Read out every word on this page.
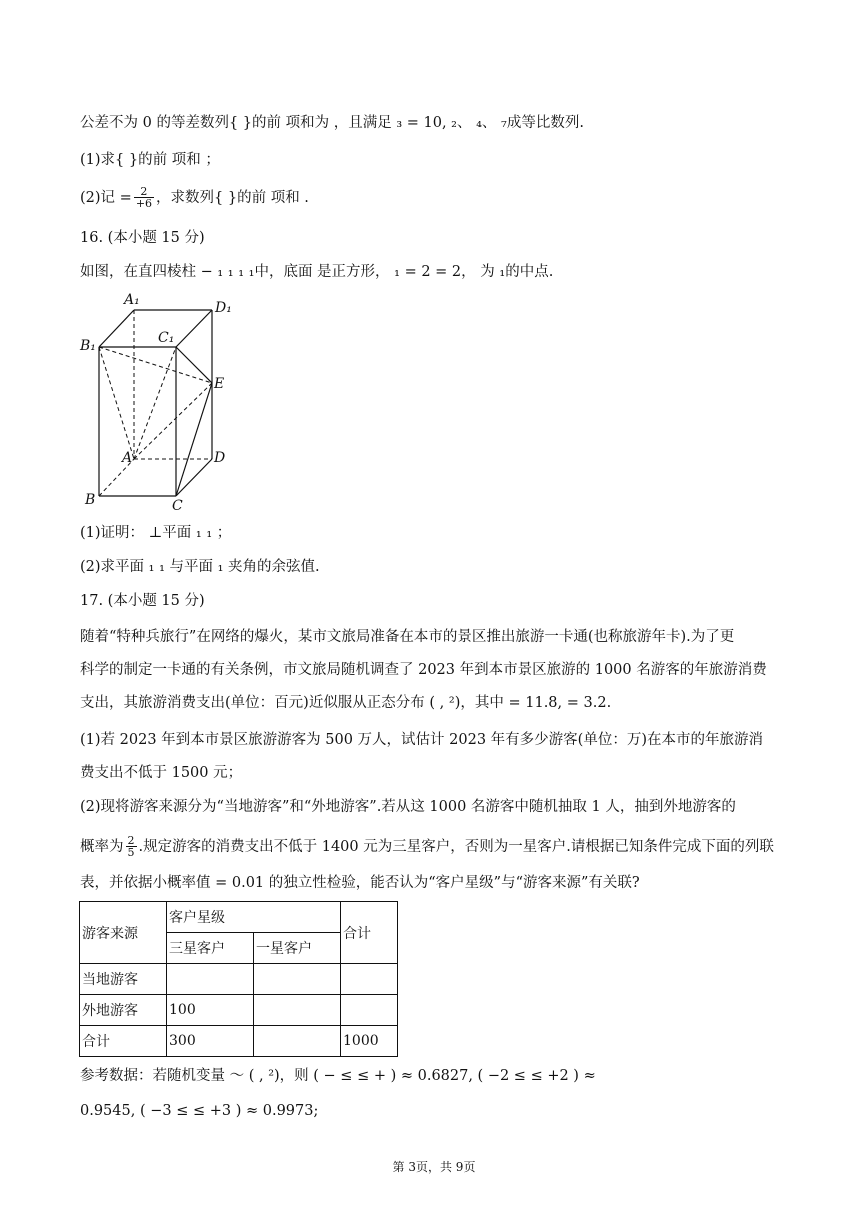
公差不为 0 的等差数列{ }的前 项和为 ，且满足 ₃ = 10, ₂、 ₄、 ₇成等比数列.
(1)求{ }的前 项和 ；
(2)记 = $\frac{2}{+6}$ ，求数列{ }的前 项和 .
16. (本小题 15 分)
如图，在直四棱柱 − ₁ ₁ ₁ ₁中，底面 是正方形， ₁ = 2 = 2， 为 ₁的中点.
A₁	D₁
B₁	C₁
E
A	D
B	C
(1)证明： ⊥平面 ₁ ₁ ；
(2)求平面 ₁ ₁ 与平面 ₁ 夹角的余弦值.
17. (本小题 15 分)
随着“特种兵旅行”在网络的爆火，某市文旅局准备在本市的景区推出旅游一卡通(也称旅游年卡).为了更
科学的制定一卡通的有关条例，市文旅局随机调查了 2023 年到本市景区旅游的 1000 名游客的年旅游消费
支出，其旅游消费支出(单位：百元)近似服从正态分布 ( , ²)，其中 = 11.8, = 3.2.
(1)若 2023 年到本市景区旅游游客为 500 万人，试估计 2023 年有多少游客(单位：万)在本市的年旅游消
费支出不低于 1500 元；
(2)现将游客来源分为“当地游客”和“外地游客”.若从这 1000 名游客中随机抽取 1 人，抽到外地游客的
概率为 $\frac{2}{5}$ .规定游客的消费支出不低于 1400 元为三星客户，否则为一星客户.请根据已知条件完成下面的列联
表，并依据小概率值 = 0.01 的独立性检验，能否认为“客户星级”与“游客来源”有关联?
游客来源	客户星级		合计
	三星客户	一星客户	
当地游客			
外地游客	100		
合计	300		1000
参考数据：若随机变量 ～ ( , ²)，则 ( − ≤ ≤ + ) ≈ 0.6827, ( −2 ≤ ≤ +2 ) ≈
0.9545, ( −3 ≤ ≤ +3 ) ≈ 0.9973;
第 3页，共 9页
